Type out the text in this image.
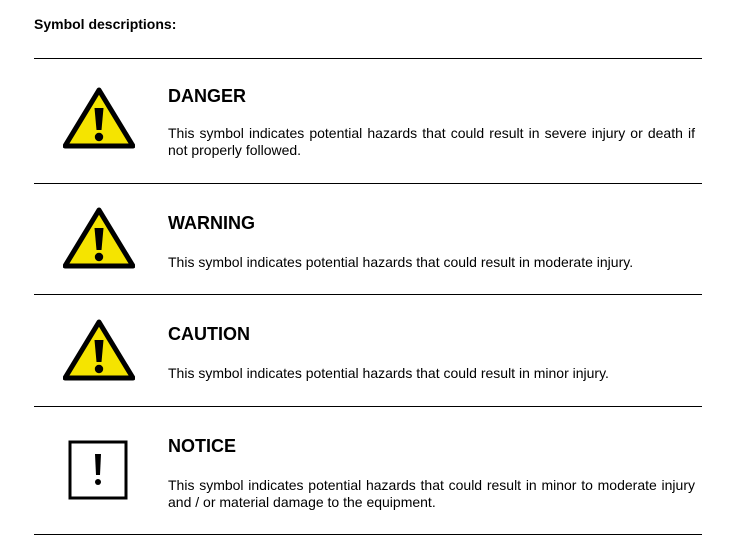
Symbol descriptions:
DANGER
This symbol indicates potential hazards that could result in severe injury or death if not properly followed.
WARNING
This symbol indicates potential hazards that could result in moderate injury.
CAUTION
This symbol indicates potential hazards that could result in minor injury.
NOTICE
This symbol indicates potential hazards that could result in minor to moderate injury and / or material damage to the equipment.
